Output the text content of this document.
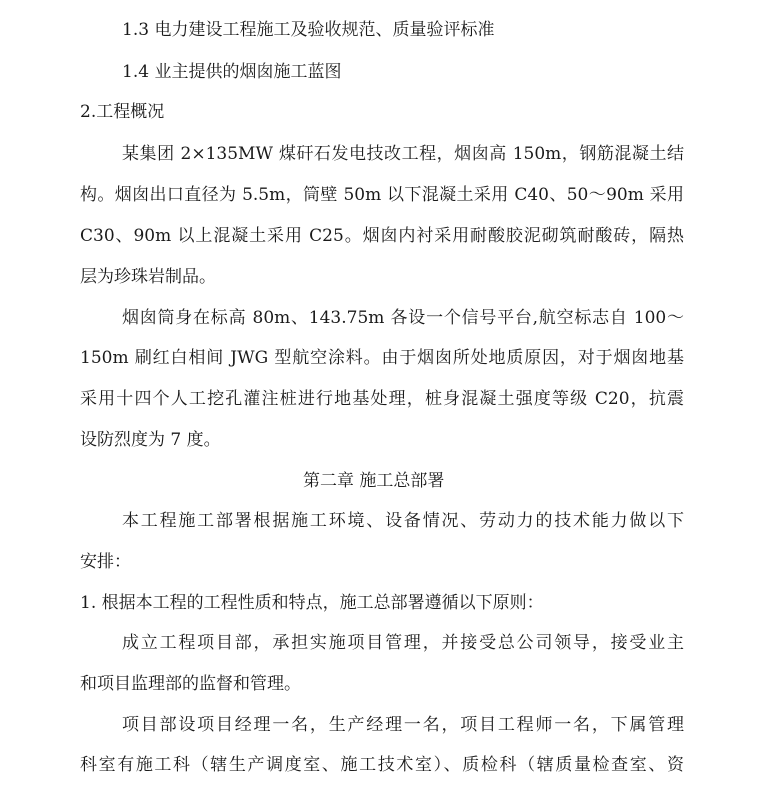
1.3 电力建设工程施工及验收规范、质量验评标准
1.4 业主提供的烟囱施工蓝图
2.工程概况
某集团 2×135MW 煤矸石发电技改工程，烟囱高 150m，钢筋混凝土结
构。烟囱出口直径为 5.5m，筒壁 50m 以下混凝土采用 C40、50～90m 采用
C30、90m 以上混凝土采用 C25。烟囱内衬采用耐酸胶泥砌筑耐酸砖，隔热
层为珍珠岩制品。
烟囱筒身在标高 80m、143.75m 各设一个信号平台,航空标志自 100～
150m 刷红白相间 JWG 型航空涂料。由于烟囱所处地质原因，对于烟囱地基
采用十四个人工挖孔灌注桩进行地基处理，桩身混凝土强度等级 C20，抗震
设防烈度为 7 度。
第二章 施工总部署
本工程施工部署根据施工环境、设备情况、劳动力的技术能力做以下
安排：
1. 根据本工程的工程性质和特点，施工总部署遵循以下原则：
成立工程项目部，承担实施项目管理，并接受总公司领导，接受业主
和项目监理部的监督和管理。
项目部设项目经理一名，生产经理一名，项目工程师一名，下属管理
科室有施工科（辖生产调度室、施工技术室）、质检科（辖质量检查室、资
